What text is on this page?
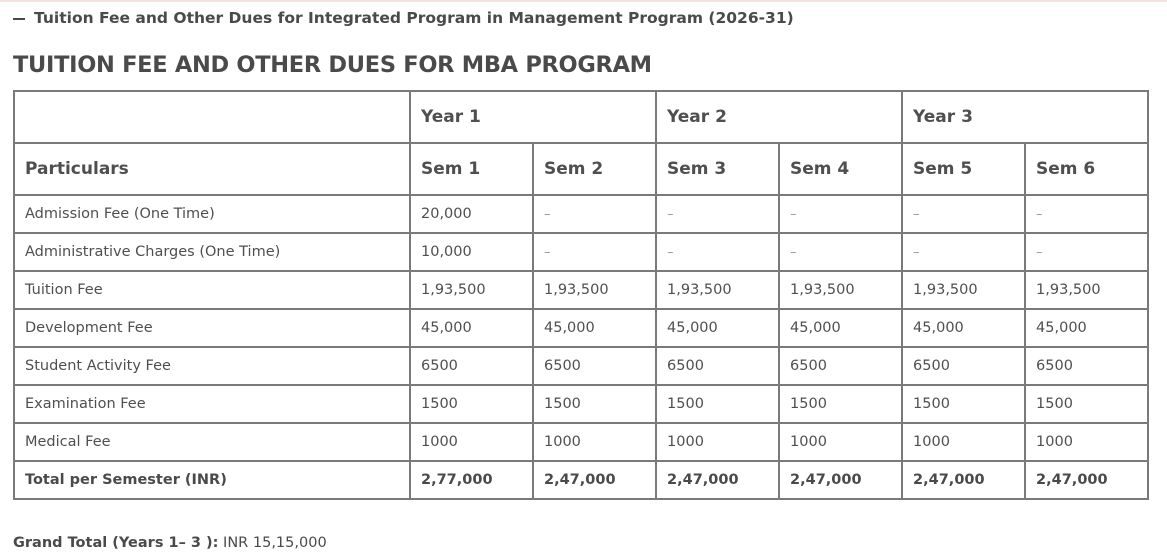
Tuition Fee and Other Dues for Integrated Program in Management Program (2026-31)
TUITION FEE AND OTHER DUES FOR MBA PROGRAM
	Year 1		Year 2		Year 3	
Particulars	Sem 1	Sem 2	Sem 3	Sem 4	Sem 5	Sem 6
Admission Fee (One Time)	20,000	–	–	–	–	–
Administrative Charges (One Time)	10,000	–	–	–	–	–
Tuition Fee	1,93,500	1,93,500	1,93,500	1,93,500	1,93,500	1,93,500
Development Fee	45,000	45,000	45,000	45,000	45,000	45,000
Student Activity Fee	6500	6500	6500	6500	6500	6500
Examination Fee	1500	1500	1500	1500	1500	1500
Medical Fee	1000	1000	1000	1000	1000	1000
Total per Semester (INR)	2,77,000	2,47,000	2,47,000	2,47,000	2,47,000	2,47,000
Grand Total (Years 1– 3 ): INR 15,15,000
